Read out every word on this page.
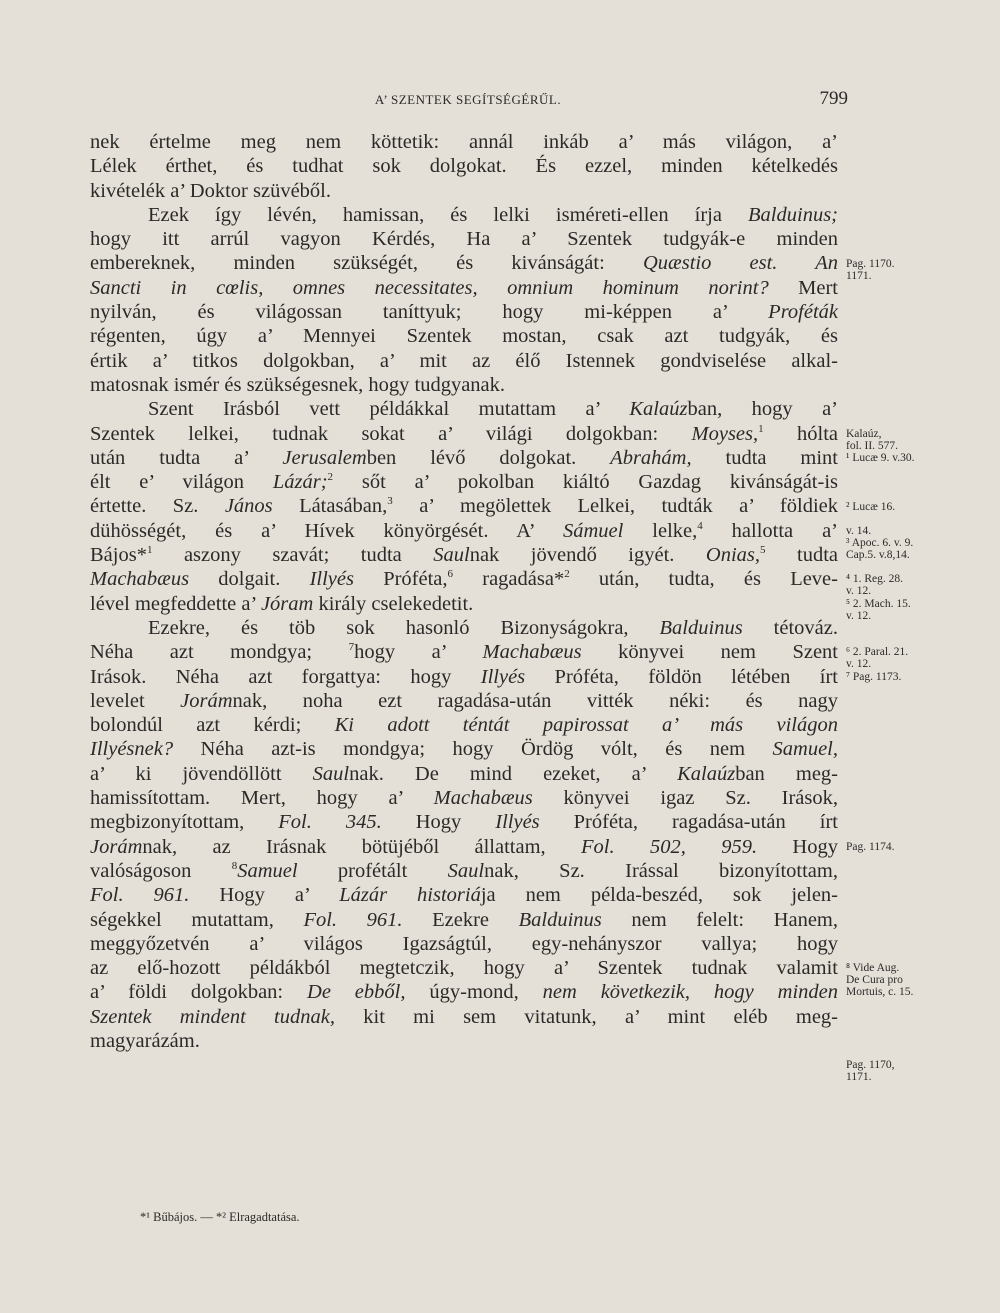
A’ SZENTEK SEGÍTSÉGÉRŰL.	799
nek értelme meg nem köttetik: annál inkáb a’ más világon, a’
Lélek érthet, és tudhat sok dolgokat. És ezzel, minden kételkedés
kivételék a’ Doktor szüvéből.
Ezek így lévén, hamissan, és lelki isméreti-ellen írja Balduinus;
hogy itt arrúl vagyon Kérdés, Ha a’ Szentek tudgyák-e minden
embereknek, minden szükségét, és kivánságát: Quæstio est. An
Sancti in cœlis, omnes necessitates, omnium hominum norint? Mert
nyilván, és világossan taníttyuk; hogy mi-képpen a’ Proféták
régenten, úgy a’ Mennyei Szentek mostan, csak azt tudgyák, és
értik a’ titkos dolgokban, a’ mit az élő Istennek gondviselése alkal-
matosnak ismér és szükségesnek, hogy tudgyanak.
Szent Irásból vett példákkal mutattam a’ Kalaúzban, hogy a’
Szentek lelkei, tudnak sokat a’ világi dolgokban: Moyses,$^1$ hólta
után tudta a’ Jerusalemben lévő dolgokat. Abrahám, tudta mint
élt e’ világon Lázár;$^2$ sőt a’ pokolban kiáltó Gazdag kivánságát-is
értette. Sz. János Látasában,$^3$ a’ megölettek Lelkei, tudták a’ földiek
dühösségét, és a’ Hívek könyörgését. A’ Sámuel lelke,$^4$ hallotta a’
Bájos*$^1$ aszony szavát; tudta Saulnak jövendő igyét. Onias,$^5$ tudta
Machabæus dolgait. Illyés Próféta,$^6$ ragadása*$^2$ után, tudta, és Leve-
lével megfeddette a’ Jóram király cselekedetit.
Ezekre, és töb sok hasonló Bizonyságokra, Balduinus tétováz.
Néha azt mondgya; $^7$hogy a’ Machabæus könyvei nem Szent
Irások. Néha azt forgattya: hogy Illyés Próféta, földön létében írt
levelet Jorámnak, noha ezt ragadása-után vitték néki: és nagy
bolondúl azt kérdi; Ki adott téntát papirossat a’ más világon
Illyésnek? Néha azt-is mondgya; hogy Ördög vólt, és nem Samuel,
a’ ki jövendöllött Saulnak. De mind ezeket, a’ Kalaúzban meg-
hamissítottam. Mert, hogy a’ Machabæus könyvei igaz Sz. Irások,
megbizonyítottam, Fol. 345. Hogy Illyés Próféta, ragadása-után írt
Jorámnak, az Irásnak bötüjéből állattam, Fol. 502, 959. Hogy
valóságoson $^8$Samuel profétált Saulnak, Sz. Irással bizonyítottam,
Fol. 961. Hogy a’ Lázár historiája nem példa-beszéd, sok jelen-
ségekkel mutattam, Fol. 961. Ezekre Balduinus nem felelt: Hanem,
meggyőzetvén a’ világos Igazságtúl, egy-nehányszor vallya; hogy
az elő-hozott példákból megtetczik, hogy a’ Szentek tudnak valamit
a’ földi dolgokban: De ebből, úgy-mond, nem következik, hogy minden
Szentek mindent tudnak, kit mi sem vitatunk, a’ mint eléb meg-
magyarázám.
Pag. 1170.
1171.
Kalaúz,
fol. II. 577.
¹ Lucæ 9. v.30.
² Lucæ 16.
v. 14.
³ Apoc. 6. v. 9.
Cap.5. v.8,14.
⁴ 1. Reg. 28.
v. 12.
⁵ 2. Mach. 15.
v. 12.
⁶ 2. Paral. 21.
v. 12.
⁷ Pag. 1173.
Pag. 1174.
⁸ Vide Aug.
De Cura pro
Mortuis, c. 15.
Pag. 1170,
1171.
*¹ Bűbájos. — *² Elragadtatása.
